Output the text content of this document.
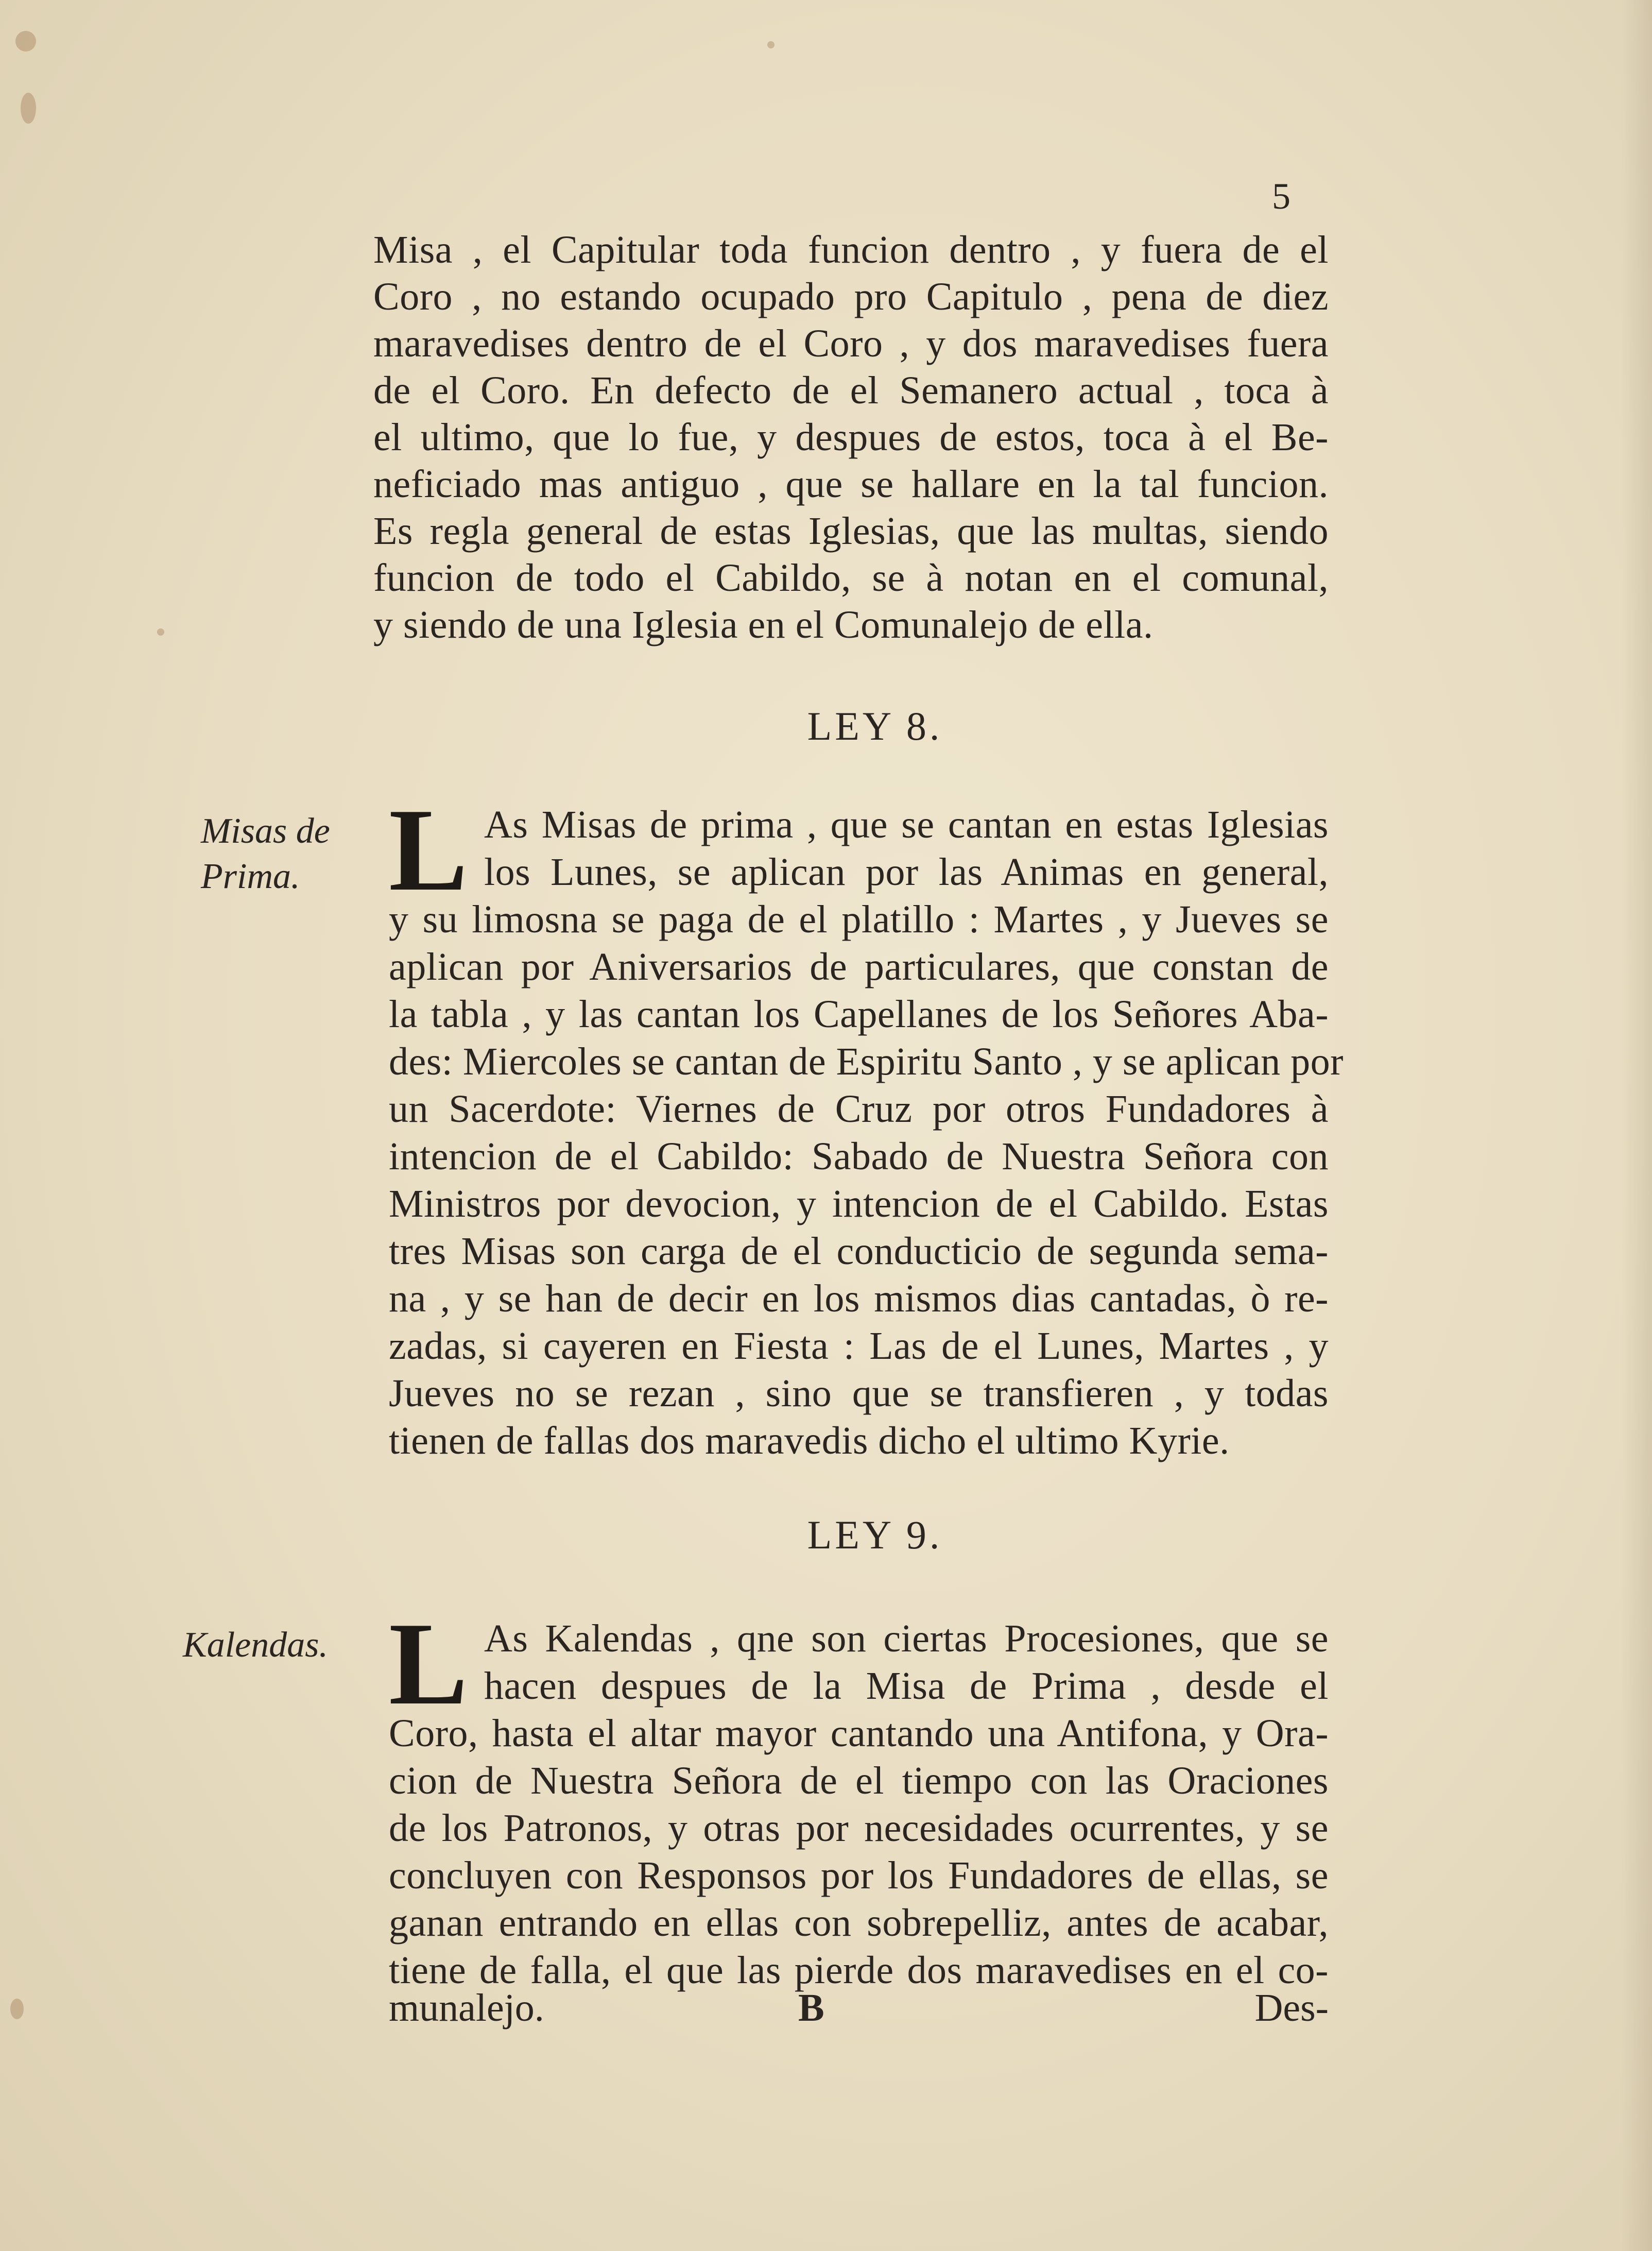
5
Misa , el Capitular toda funcion dentro , y fuera de el
Coro , no estando ocupado pro Capitulo , pena de diez
maravedises dentro de el Coro , y dos maravedises fuera
de el Coro. En defecto de el Semanero actual , toca à
el ultimo, que lo fue, y despues de estos, toca à el Be-
neficiado mas antiguo , que se hallare en la tal funcion.
Es regla general de estas Iglesias, que las multas, siendo
funcion de todo el Cabildo, se à notan en el comunal,
y siendo de una Iglesia en el Comunalejo de ella.
LEY 8.
Misas de
Prima. L As Misas de prima , que se cantan en estas Iglesias
los Lunes, se aplican por las Animas en general,
y su limosna se paga de el platillo : Martes , y Jueves se
aplican por Aniversarios de particulares, que constan de
la tabla , y las cantan los Capellanes de los Señores Aba-
des: Miercoles se cantan de Espiritu Santo , y se aplican por
un Sacerdote: Viernes de Cruz por otros Fundadores à
intencion de el Cabildo: Sabado de Nuestra Señora con
Ministros por devocion, y intencion de el Cabildo. Estas
tres Misas son carga de el conducticio de segunda sema-
na , y se han de decir en los mismos dias cantadas, ò re-
zadas, si cayeren en Fiesta : Las de el Lunes, Martes , y
Jueves no se rezan , sino que se transfieren , y todas
tienen de fallas dos maravedis dicho el ultimo Kyrie.
LEY 9.
Kalendas. L As Kalendas , qne son ciertas Procesiones, que se
hacen despues de la Misa de Prima , desde el
Coro, hasta el altar mayor cantando una Antifona, y Ora-
cion de Nuestra Señora de el tiempo con las Oraciones
de los Patronos, y otras por necesidades ocurrentes, y se
concluyen con Responsos por los Fundadores de ellas, se
ganan entrando en ellas con sobrepelliz, antes de acabar,
tiene de falla, el que las pierde dos maravedises en el co-
munalejo.	B	Des-
